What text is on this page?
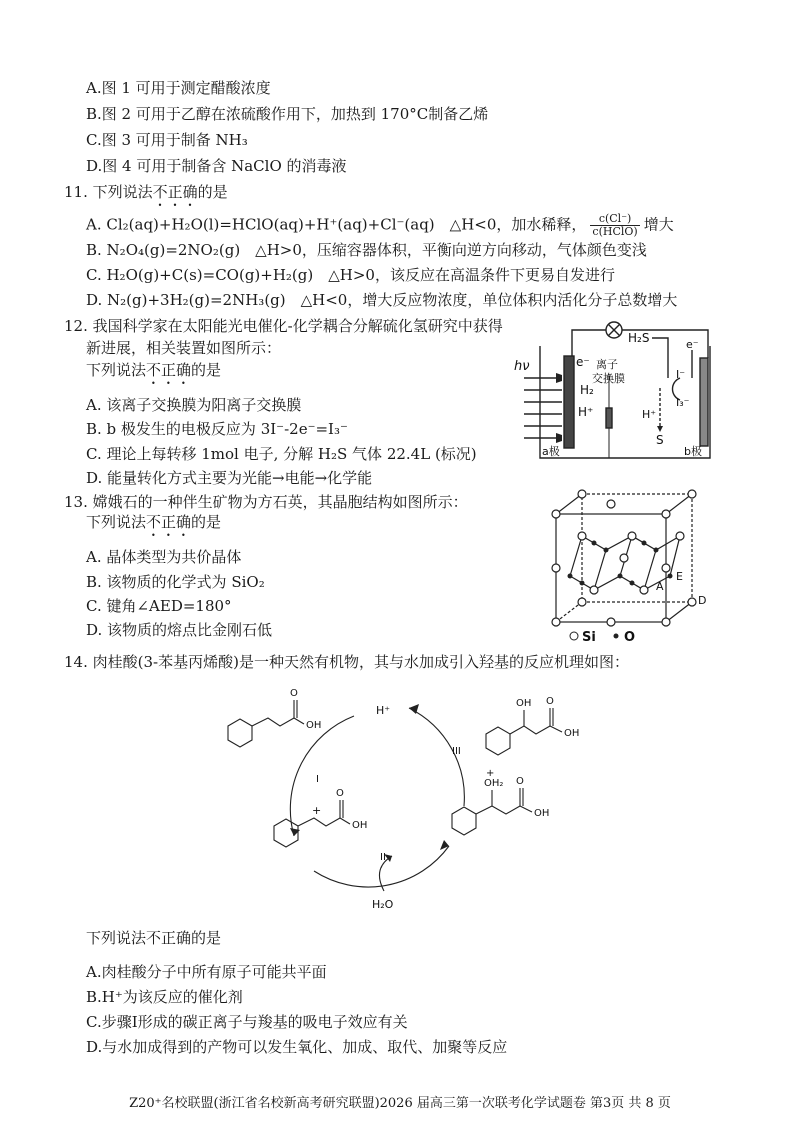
A.图 1 可用于测定醋酸浓度
B.图 2 可用于乙醇在浓硫酸作用下，加热到 170°C制备乙烯
C.图 3 可用于制备 NH₃
D.图 4 可用于制备含 NaClO 的消毒液
11. 下列说法不正确的是
A. Cl₂(aq)+H₂O(l)=HClO(aq)+H⁺(aq)+Cl⁻(aq)　△H<0，加水稀释， $\frac{c(Cl^-)}{\text{c(HClO)}}$ 增大
B. N₂O₄(g)=2NO₂(g)　△H>0，压缩容器体积，平衡向逆方向移动，气体颜色变浅
C. H₂O(g)+C(s)=CO(g)+H₂(g)　△H>0，该反应在高温条件下更易自发进行
D. N₂(g)+3H₂(g)=2NH₃(g)　△H<0，增大反应物浓度，单位体积内活化分子总数增大
12. 我国科学家在太阳能光电催化-化学耦合分解硫化氢研究中获得
新进展，相关装置如图所示：
下列说法不正确的是
A. 该离子交换膜为阳离子交换膜
B. b 极发生的电极反应为 3I⁻-2e⁻=I₃⁻
C. 理论上每转移 1mol 电子, 分解 H₂S 气体 22.4L (标况)
D. 能量转化方式主要为光能→电能→化学能
hν	e⁻
H₂
H⁺
离子
交换膜
H₂S	e⁻
I⁻
I₃⁻
H⁺
S
a极	b极
13. 嫦娥石的一种伴生矿物为方石英，其晶胞结构如图所示：
下列说法不正确的是
A. 晶体类型为共价晶体
B. 该物质的化学式为 SiO₂
C. 键角∠AED=180°
D. 该物质的熔点比金刚石低
A
E
D
Si O
14. 肉桂酸(3-苯基丙烯酸)是一种天然有机物，其与水加成引入羟基的反应机理如图：
O
OH
H⁺
I
II
III
+
O
OH
OH O
OH
+
OH₂ O
OH
H₂O
下列说法不正确的是
A.肉桂酸分子中所有原子可能共平面
B.H⁺为该反应的催化剂
C.步骤I形成的碳正离子与羧基的吸电子效应有关
D.与水加成得到的产物可以发生氧化、加成、取代、加聚等反应
Z20⁺名校联盟(浙江省名校新高考研究联盟)2026 届高三第一次联考化学试题卷 第3页 共 8 页
